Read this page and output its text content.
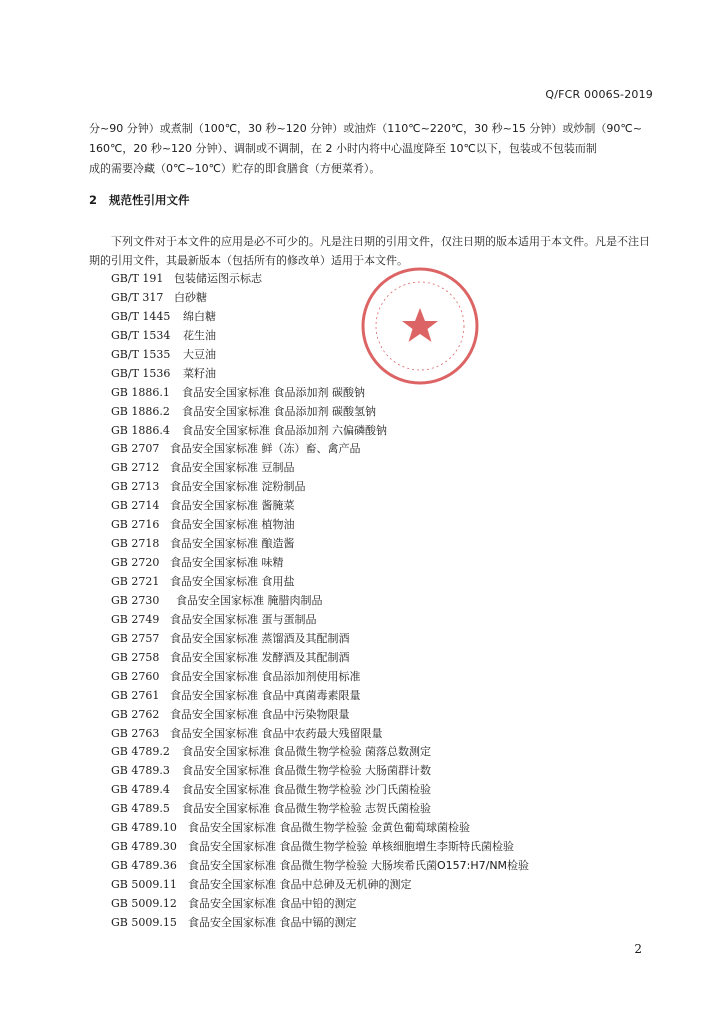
Q/FCR 0006S-2019

分~90 分钟）或煮制（100℃，30 秒~120 分钟）或油炸（110℃~220℃，30 秒~15 分钟）或炒制（90℃~

160℃，20 秒~120 分钟）、调制或不调制，在 2 小时内将中心温度降至 10℃以下，包装或不包装而制

成的需要冷藏（0℃~10℃）贮存的即食膳食（方便菜肴）。

2 规范性引用文件

下列文件对于本文件的应用是必不可少的。凡是注日期的引用文件，仅注日期的版本适用于本文件。凡是不注日期的引用文件，其最新版本（包括所有的修改单）适用于本文件。

GB/T 191 包装储运图示标志
GB/T 317 白砂糖
GB/T 1445 绵白糖
GB/T 1534 花生油
GB/T 1535 大豆油
GB/T 1536 菜籽油
GB 1886.1 食品安全国家标准 食品添加剂 碳酸钠
GB 1886.2 食品安全国家标准 食品添加剂 碳酸氢钠
GB 1886.4 食品安全国家标准 食品添加剂 六偏磷酸钠
GB 2707 食品安全国家标准 鲜（冻）畜、禽产品
GB 2712 食品安全国家标准 豆制品
GB 2713 食品安全国家标准 淀粉制品
GB 2714 食品安全国家标准 酱腌菜
GB 2716 食品安全国家标准 植物油
GB 2718 食品安全国家标准 酿造酱
GB 2720 食品安全国家标准 味精
GB 2721 食品安全国家标准 食用盐
GB 2730 食品安全国家标准 腌腊肉制品
GB 2749 食品安全国家标准 蛋与蛋制品
GB 2757 食品安全国家标准 蒸馏酒及其配制酒
GB 2758 食品安全国家标准 发酵酒及其配制酒
GB 2760 食品安全国家标准 食品添加剂使用标准
GB 2761 食品安全国家标准 食品中真菌毒素限量
GB 2762 食品安全国家标准 食品中污染物限量
GB 2763 食品安全国家标准 食品中农药最大残留限量
GB 4789.2 食品安全国家标准 食品微生物学检验 菌落总数测定
GB 4789.3 食品安全国家标准 食品微生物学检验 大肠菌群计数
GB 4789.4 食品安全国家标准 食品微生物学检验 沙门氏菌检验
GB 4789.5 食品安全国家标准 食品微生物学检验 志贺氏菌检验
GB 4789.10 食品安全国家标准 食品微生物学检验 金黄色葡萄球菌检验
GB 4789.30 食品安全国家标准 食品微生物学检验 单核细胞增生李斯特氏菌检验
GB 4789.36 食品安全国家标准 食品微生物学检验 大肠埃希氏菌O157:H7/NM检验
GB 5009.11 食品安全国家标准 食品中总砷及无机砷的测定
GB 5009.12 食品安全国家标准 食品中铅的测定
GB 5009.15 食品安全国家标准 食品中镉的测定
2
